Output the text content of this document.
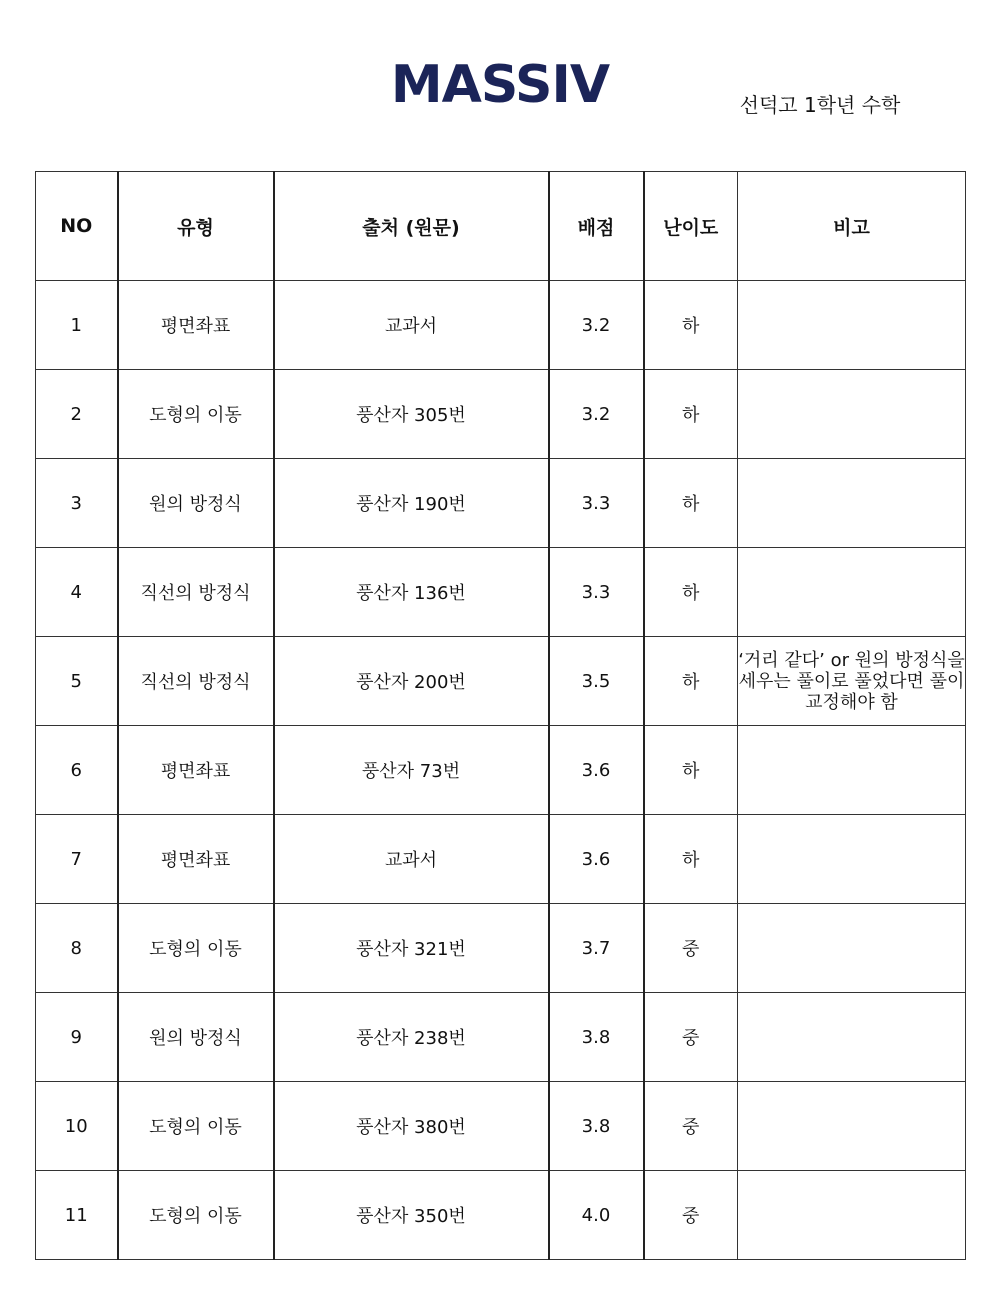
MASSIV	선덕고 1학년 수학
NO	유형	출처 (원문)	배점	난이도	비고
1	평면좌표	교과서	3.2	하	
2	도형의 이동	풍산자 305번	3.2	하	
3	원의 방정식	풍산자 190번	3.3	하	
4	직선의 방정식	풍산자 136번	3.3	하	
5	직선의 방정식	풍산자 200번	3.5	하	‘거리 같다’ or 원의 방정식을 세우는 풀이로 풀었다면 풀이 교정해야 함
6	평면좌표	풍산자 73번	3.6	하	
7	평면좌표	교과서	3.6	하	
8	도형의 이동	풍산자 321번	3.7	중	
9	원의 방정식	풍산자 238번	3.8	중	
10	도형의 이동	풍산자 380번	3.8	중	
11	도형의 이동	풍산자 350번	4.0	중	
